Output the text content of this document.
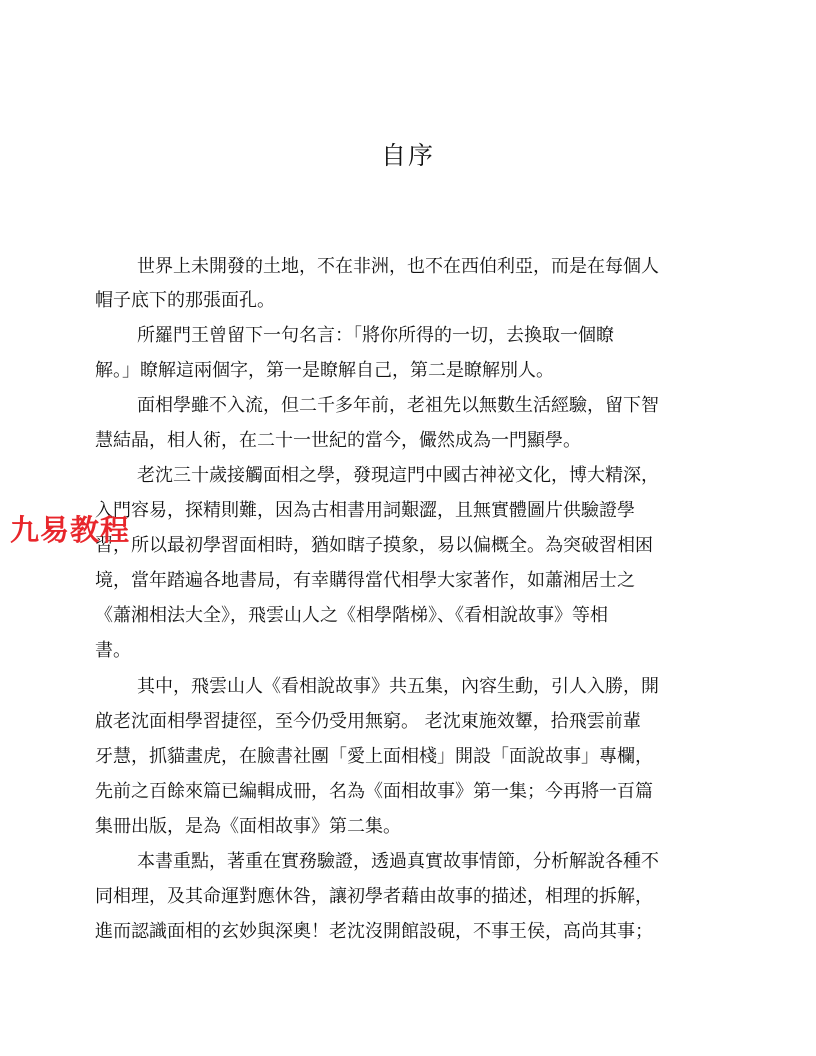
自序
世界上未開發的土地，不在非洲，也不在西伯利亞，而是在每個人
帽子底下的那張面孔。
所羅門王曾留下一句名言：「將你所得的一切，去換取一個瞭
解。」瞭解這兩個字，第一是瞭解自己，第二是瞭解別人。
面相學雖不入流，但二千多年前，老祖先以無數生活經驗，留下智
慧結晶，相人術，在二十一世紀的當今，儼然成為一門顯學。
老沈三十歲接觸面相之學，發現這門中國古神祕文化，博大精深，
入門容易，探精則難，因為古相書用詞艱澀，且無實體圖片供驗證學
習，所以最初學習面相時，猶如瞎子摸象，易以偏概全。為突破習相困
境，當年踏遍各地書局，有幸購得當代相學大家著作，如蕭湘居士之
《蕭湘相法大全》，飛雲山人之《相學階梯》、《看相說故事》等相
書。
其中，飛雲山人《看相說故事》共五集，內容生動，引人入勝，開
啟老沈面相學習捷徑，至今仍受用無窮。 老沈東施效顰，拾飛雲前輩
牙慧，抓貓畫虎，在臉書社團「愛上面相棧」開設「面說故事」專欄，
先前之百餘來篇已編輯成冊，名為《面相故事》第一集；今再將一百篇
集冊出版，是為《面相故事》第二集。
本書重點，著重在實務驗證，透過真實故事情節，分析解說各種不
同相理，及其命運對應休咎，讓初學者藉由故事的描述，相理的拆解，
進而認識面相的玄妙與深奧！老沈沒開館設硯，不事王侯，高尚其事；
九易教程
